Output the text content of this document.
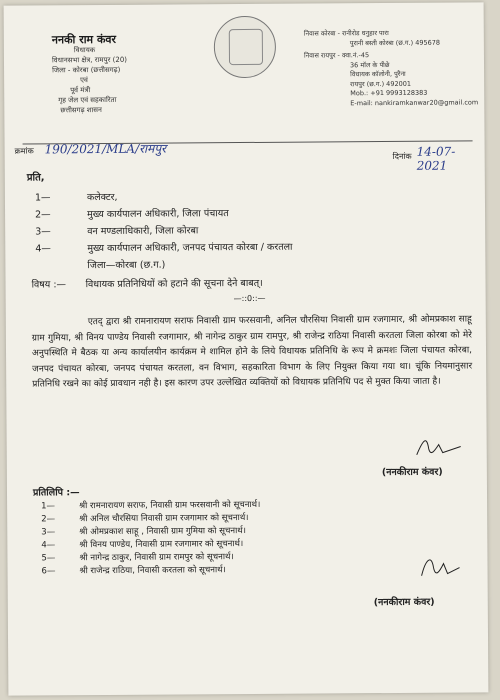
ननकी राम कंवर
विधायक
विधानसभा क्षेत्र, रामपुर (20)
जिला - कोरबा (छत्तीसगढ़)
एवं
पूर्व मंत्री
गृह जेल एवं सहकारिता
छत्तीसगढ़ शासन
निवास कोरबा - रानीरोड धनुहार पारा
पुरानी बस्ती कोरबा (छ.ग.) 495678
निवास रायपुर - क्वा.नं.-45
36 मॉल के पीछे
विधायक कॉलोनी, पुरैना
रायपुर (छ.ग.) 492001
Mob.: +91 9993128383
E-mail: nankiramkanwar20@gmail.com
क्रमांक 190/2021/MLA/रामपुर
दिनांक 14-07-2021
प्रति,
1—	कलेक्टर,
2—	मुख्य कार्यपालन अधिकारी, जिला पंचायत
3—	वन मण्डलाधिकारी, जिला कोरबा
4—	मुख्य कार्यपालन अधिकारी, जनपद पंचायत कोरबा / करतला
जिला—कोरबा (छ.ग.)
विषय :— विधायक प्रतिनिधियों को हटाने की सूचना देने बाबत्।
—::0::—
एतद् द्वारा श्री रामनारायण सराफ निवासी ग्राम फरसवानी, अनिल चौरसिया निवासी ग्राम रजगामार, श्री ओमप्रकाश साहू ग्राम गुमिया, श्री विनय पाण्डेय निवासी रजगामार, श्री नागेन्द्र ठाकुर ग्राम रामपुर, श्री राजेन्द्र राठिया निवासी करतला जिला कोरबा को मेरे अनुपस्थिति मे बैठक या अन्य कार्यालयीन कार्यक्रम मे शामिल होने के लिये विधायक प्रतिनिधि के रूप मे क्रमशः जिला पंचायत कोरबा, जनपद पंचायत कोरबा, जनपद पंचायत करतला, वन विभाग, सहकारिता विभाग के लिए नियुक्त किया गया था। चूंकि नियमानुसार प्रतिनिधि रखने का कोई प्रावधान नही है। इस कारण उपर उल्लेखित व्यक्तियों को विधायक प्रतिनिधि पद से मुक्त किया जाता है।
(ननकीराम कंवर)
प्रतिलिपि :—
1—	श्री रामनारायण सराफ, निवासी ग्राम फरसवानी को सूचनार्थ।
2—	श्री अनिल चौरसिया निवासी ग्राम रजगामार को सूचनार्थ।
3—	श्री ओमप्रकाश साहू , निवासी ग्राम गुमिया को सूचनार्थ।
4—	श्री विनय पाण्डेय, निवासी ग्राम रजगामार को सूचनार्थ।
5—	श्री नागेन्द्र ठाकुर, निवासी ग्राम रामपुर को सूचनार्थ।
6—	श्री राजेन्द्र राठिया, निवासी करतला को सूचनार्थ।
(ननकीराम कंवर)
